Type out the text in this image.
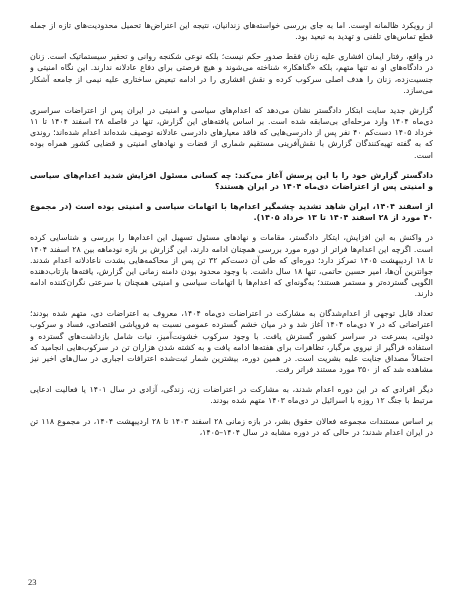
از رویکرد ظالمانه اوست. اما به جای بررسی خواسته‌های زندانیان، نتیجه این اعتراض‌ها تحمیل محدودیت‌های تازه از جمله قطع تماس‌های تلفنی و تهدید به تبعید بود.

در واقع، رفتار ایمان افشاری علیه زنان فقط صدور حکم نیست؛ بلکه نوعی شکنجه روانی و تحقیر سیستماتیک است. زنان در دادگاه‌های او نه تنها متهم، بلکه «گناهکار» شناخته می‌شوند و هیچ فرصتی برای دفاع عادلانه ندارند. این نگاه امنیتی و جنسیت‌زده، زنان را هدف اصلی سرکوب کرده و نقش افشاری را در ادامه تبعیض ساختاری علیه نیمی از جامعه آشکار می‌سازد.

گزارش جدید سایت ابتکار دادگستر نشان می‌دهد که اعدام‌های سیاسی و امنیتی در ایران پس از اعتراضات سراسری دی‌ماه ۱۴۰۴ وارد مرحله‌ای بی‌سابقه شده است. بر اساس یافته‌های این گزارش، تنها در فاصله ۲۸ اسفند ۱۴۰۴ تا ۱۱ خرداد ۱۴۰۵ دست‌کم ۴۰ نفر پس از دادرسی‌هایی که فاقد معیارهای دادرسی عادلانه توصیف شده‌اند اعدام شده‌اند؛ روندی که به گفته تهیه‌کنندگان گزارش با نقش‌آفرینی مستقیم شماری از قضات و نهادهای امنیتی و قضایی کشور همراه بوده است.

دادگستر گزارش خود را با این پرسش آغاز می‌کند: چه کسانی مسئول افزایش شدید اعدام‌های سیاسی و امنیتی پس از اعتراضات دی‌ماه ۱۴۰۴ در ایران هستند؟

از اسفند ۱۴۰۴، ایران شاهد تشدید چشمگیر اعدام‌ها با اتهامات سیاسی و امنیتی بوده است (در مجموع ۴۰ مورد از ۲۸ اسفند ۱۴۰۴ تا ۱۳ خرداد ۱۴۰۵).

در واکنش به این افزایش، ابتکار دادگستر، مقامات و نهادهای مسئول تسهیل این اعدام‌ها را بررسی و شناسایی کرده است. اگرچه این اعدام‌ها فراتر از دوره مورد بررسی همچنان ادامه دارند، این گزارش بر بازه نودماهه بین ۲۸ اسفند ۱۴۰۴ تا ۱۸ اردیبهشت ۱۴۰۵ تمرکز دارد؛ دوره‌ای که طی آن دست‌کم ۳۲ تن پس از محاکمه‌هایی بشدت ناعادلانه اعدام شدند. جوانترین آن‌ها، امیر حسین حاتمی، تنها ۱۸ سال داشت. با وجود محدود بودن دامنه زمانی این گزارش، یافته‌ها بازتاب‌دهنده الگویی گسترده‌تر و مستمر هستند؛ به‌گونه‌ای که اعدام‌ها با اتهامات سیاسی و امنیتی همچنان با سرعتی نگران‌کننده ادامه دارند.

تعداد قابل توجهی از اعدام‌شدگان به مشارکت در اعتراضات دی‌ماه ۱۴۰۴، معروف به اعتراضات دی، متهم شده بودند؛ اعتراضاتی که در ۷ دی‌ماه ۱۴۰۴ آغاز شد و در میان خشم گسترده عمومی نسبت به فروپاشی اقتصادی، فساد و سرکوب دولتی، بسرعت در سراسر کشور گسترش یافت. با وجود سرکوب خشونت‌آمیز، نیات شامل بازداشت‌های گسترده و استفاده فراگیر از نیروی مرگبار، تظاهرات برای هفته‌ها ادامه یافت و به کشته شدن هزاران تن در سرکوب‌هایی انجامید که احتمالاً مصداق جنایت علیه بشریت است. در همین دوره، بیشترین شمار ثبت‌شده اعترافات اجباری در سال‌های اخیر نیز مشاهده شد که از ۳۵۰ مورد مستند فراتر رفت.

دیگر افرادی که در این دوره اعدام شدند، به مشارکت در اعتراضات زن، زندگی، آزادی در سال ۱۴۰۱ یا فعالیت ادعایی مرتبط با جنگ ۱۲ روزه با اسرائیل در دی‌ماه ۱۴۰۳ متهم شده بودند.

بر اساس مستندات مجموعه فعالان حقوق بشر، در بازه زمانی ۲۸ اسفند ۱۴۰۳ تا ۲۸ اردیبهشت ۱۴۰۴، در مجموع ۱۱۸ تن در ایران اعدام شدند؛ در حالی که در دوره مشابه در سال ۱۴۰۴–۱۴۰۵،

23
